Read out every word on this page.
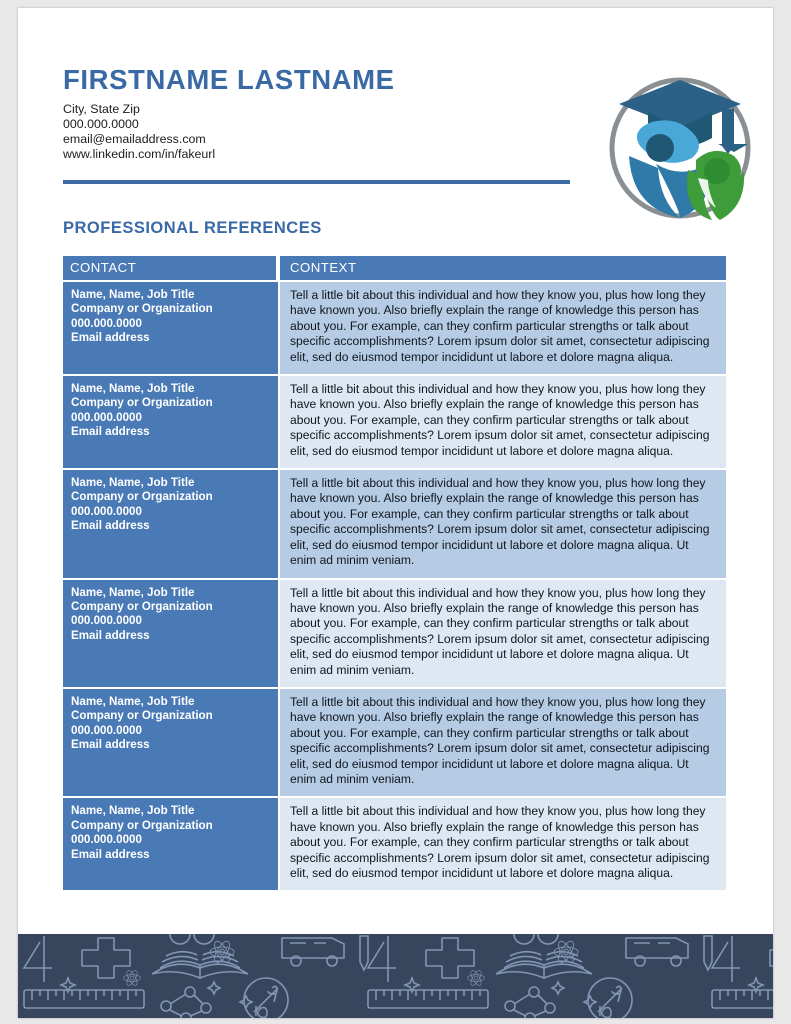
FIRSTNAME LASTNAME
City, State Zip
000.000.0000
email@emailaddress.com
www.linkedin.com/in/fakeurl
PROFESSIONAL REFERENCES
CONTACT	CONTEXT
Name, Name, Job Title
Company or Organization
000.000.0000
Email address

Tell a little bit about this individual and how they know you, plus how long they have known you. Also briefly explain the range of knowledge this person has about you. For example, can they confirm particular strengths or talk about specific accomplishments? Lorem ipsum dolor sit amet, consectetur adipiscing elit, sed do eiusmod tempor incididunt ut labore et dolore magna aliqua.

Name, Name, Job Title
Company or Organization
000.000.0000
Email address

Tell a little bit about this individual and how they know you, plus how long they have known you. Also briefly explain the range of knowledge this person has about you. For example, can they confirm particular strengths or talk about specific accomplishments? Lorem ipsum dolor sit amet, consectetur adipiscing elit, sed do eiusmod tempor incididunt ut labore et dolore magna aliqua.

Name, Name, Job Title
Company or Organization
000.000.0000
Email address

Tell a little bit about this individual and how they know you, plus how long they have known you. Also briefly explain the range of knowledge this person has about you. For example, can they confirm particular strengths or talk about specific accomplishments? Lorem ipsum dolor sit amet, consectetur adipiscing elit, sed do eiusmod tempor incididunt ut labore et dolore magna aliqua. Ut enim ad minim veniam.

Name, Name, Job Title
Company or Organization
000.000.0000
Email address

Tell a little bit about this individual and how they know you, plus how long they have known you. Also briefly explain the range of knowledge this person has about you. For example, can they confirm particular strengths or talk about specific accomplishments? Lorem ipsum dolor sit amet, consectetur adipiscing elit, sed do eiusmod tempor incididunt ut labore et dolore magna aliqua. Ut enim ad minim veniam.

Name, Name, Job Title
Company or Organization
000.000.0000
Email address

Tell a little bit about this individual and how they know you, plus how long they have known you. Also briefly explain the range of knowledge this person has about you. For example, can they confirm particular strengths or talk about specific accomplishments? Lorem ipsum dolor sit amet, consectetur adipiscing elit, sed do eiusmod tempor incididunt ut labore et dolore magna aliqua. Ut enim ad minim veniam.

Name, Name, Job Title
Company or Organization
000.000.0000
Email address

Tell a little bit about this individual and how they know you, plus how long they have known you. Also briefly explain the range of knowledge this person has about you. For example, can they confirm particular strengths or talk about specific accomplishments? Lorem ipsum dolor sit amet, consectetur adipiscing elit, sed do eiusmod tempor incididunt ut labore et dolore magna aliqua.
